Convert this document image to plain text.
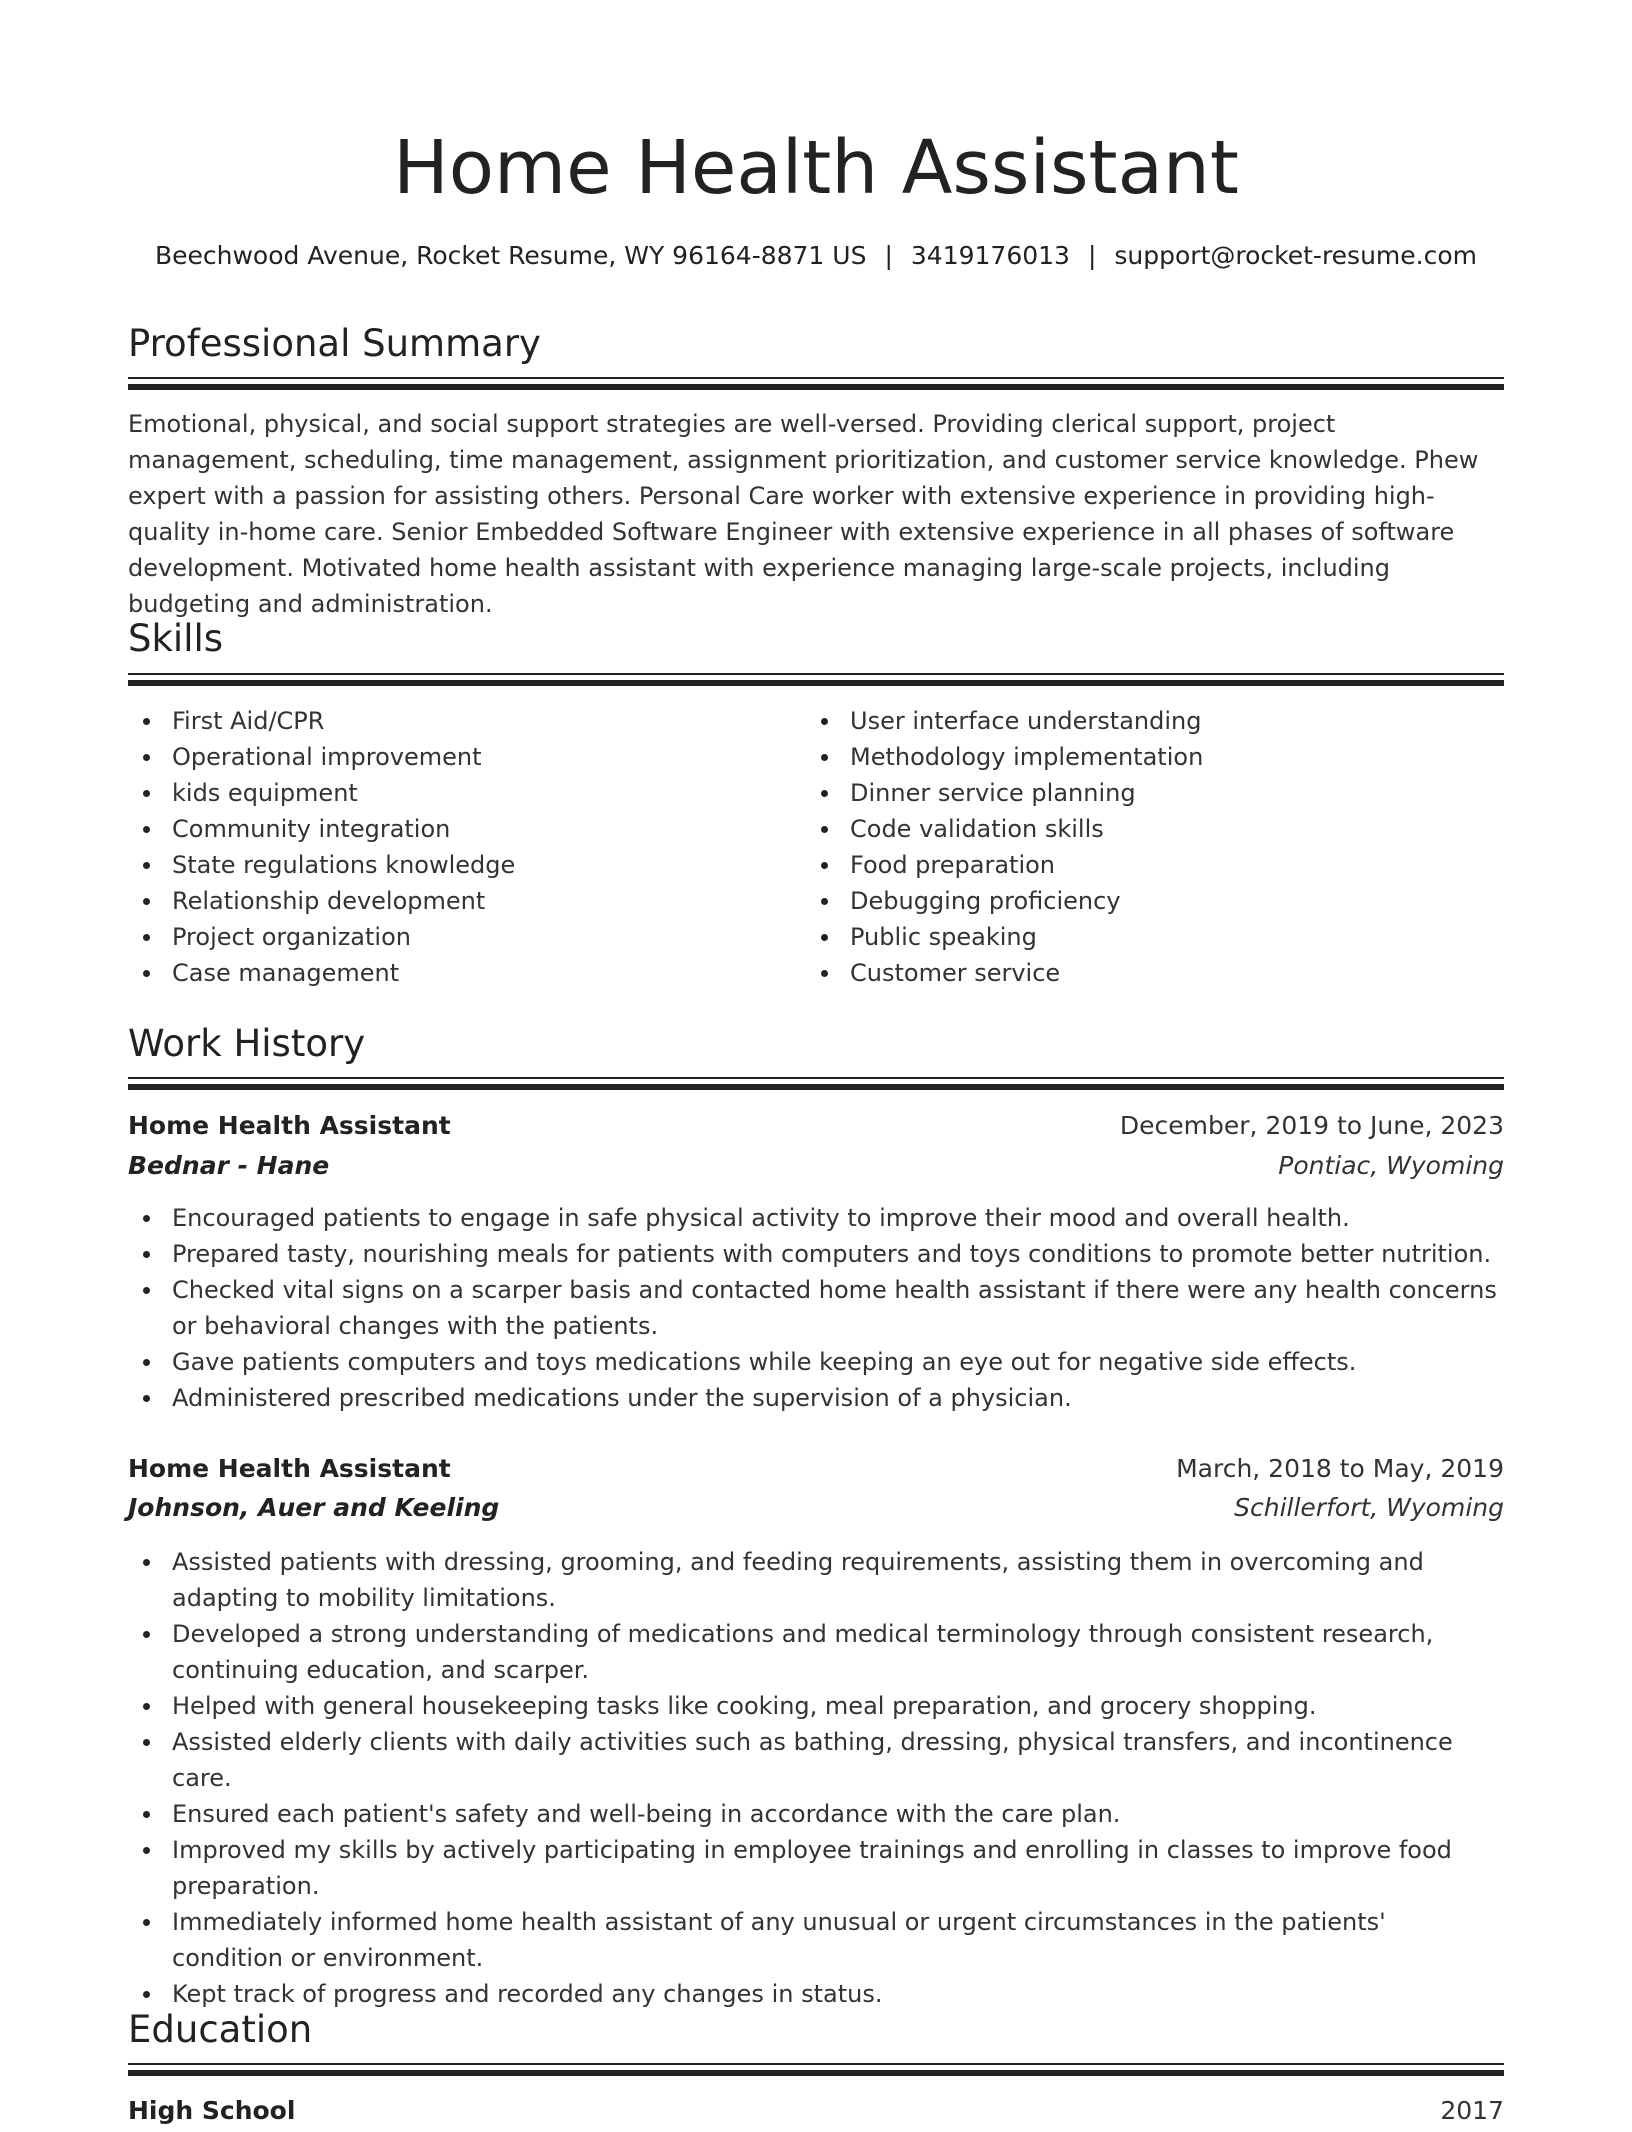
Home Health Assistant
Beechwood Avenue, Rocket Resume, WY 96164-8871 US | 3419176013 | support@rocket-resume.com
Professional Summary
Emotional, physical, and social support strategies are well-versed. Providing clerical support, project management, scheduling, time management, assignment prioritization, and customer service knowledge. Phew expert with a passion for assisting others. Personal Care worker with extensive experience in providing high-quality in-home care. Senior Embedded Software Engineer with extensive experience in all phases of software development. Motivated home health assistant with experience managing large-scale projects, including budgeting and administration.
Skills
First Aid/CPR
Operational improvement
kids equipment
Community integration
State regulations knowledge
Relationship development
Project organization
Case management
User interface understanding
Methodology implementation
Dinner service planning
Code validation skills
Food preparation
Debugging proficiency
Public speaking
Customer service
Work History
Home Health Assistant	December, 2019 to June, 2023
Bednar - Hane	Pontiac, Wyoming
Encouraged patients to engage in safe physical activity to improve their mood and overall health.
Prepared tasty, nourishing meals for patients with computers and toys conditions to promote better nutrition.
Checked vital signs on a scarper basis and contacted home health assistant if there were any health concerns or behavioral changes with the patients.
Gave patients computers and toys medications while keeping an eye out for negative side effects.
Administered prescribed medications under the supervision of a physician.
Home Health Assistant	March, 2018 to May, 2019
Johnson, Auer and Keeling	Schillerfort, Wyoming
Assisted patients with dressing, grooming, and feeding requirements, assisting them in overcoming and adapting to mobility limitations.
Developed a strong understanding of medications and medical terminology through consistent research, continuing education, and scarper.
Helped with general housekeeping tasks like cooking, meal preparation, and grocery shopping.
Assisted elderly clients with daily activities such as bathing, dressing, physical transfers, and incontinence care.
Ensured each patient's safety and well-being in accordance with the care plan.
Improved my skills by actively participating in employee trainings and enrolling in classes to improve food preparation.
Immediately informed home health assistant of any unusual or urgent circumstances in the patients' condition or environment.
Kept track of progress and recorded any changes in status.
Education
High School	2017
